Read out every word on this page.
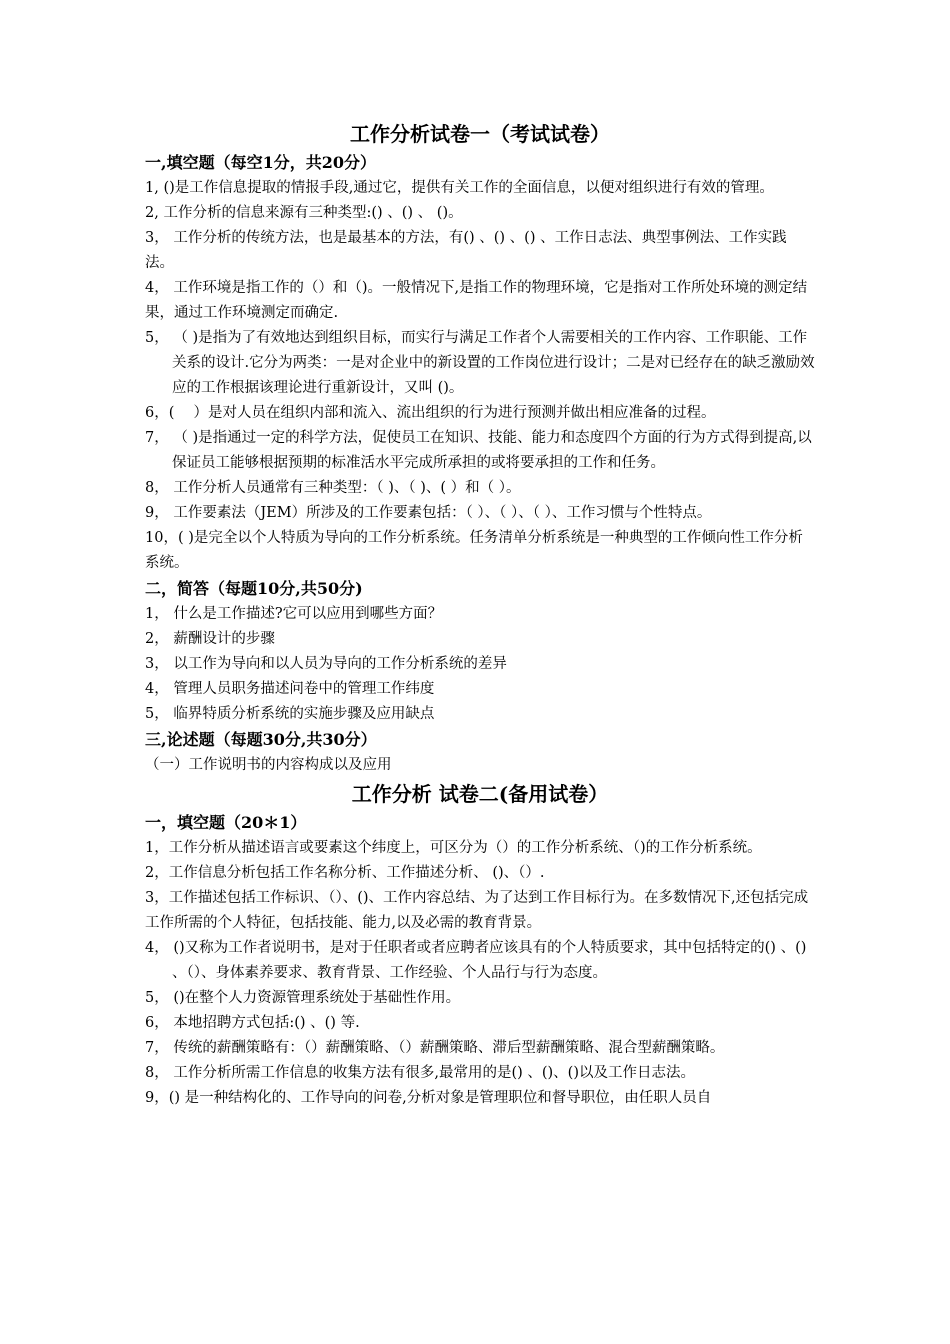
工作分析试卷一（考试试卷）
一,填空题（每空1分，共20分）
1, ()是工作信息提取的情报手段,通过它，提供有关工作的全面信息，以便对组织进行有效的管理。
2, 工作分析的信息来源有三种类型:() 、() 、 ()。
3， 工作分析的传统方法，也是最基本的方法，有() 、() 、() 、工作日志法、典型事例法、工作实践法。
4， 工作环境是指工作的（）和（)。一般情况下,是指工作的物理环境，它是指对工作所处环境的测定结果，通过工作环境测定而确定.
5， （ )是指为了有效地达到组织目标，而实行与满足工作者个人需要相关的工作内容、工作职能、工作关系的设计.它分为两类：一是对企业中的新设置的工作岗位进行设计；二是对已经存在的缺乏激励效应的工作根据该理论进行重新设计，又叫 ()。
6，(　 ）是对人员在组织内部和流入、流出组织的行为进行预测并做出相应准备的过程。
7， （ )是指通过一定的科学方法，促使员工在知识、技能、能力和态度四个方面的行为方式得到提高,以保证员工能够根据预期的标准活水平完成所承担的或将要承担的工作和任务。
8， 工作分析人员通常有三种类型：（ )、（ )、( ）和（ ）。
9， 工作要素法（JEM）所涉及的工作要素包括：（ ）、（ ）、（ ）、工作习惯与个性特点。
10，( )是完全以个人特质为导向的工作分析系统。任务清单分析系统是一种典型的工作倾向性工作分析系统。
二，简答（每题10分,共50分)
1， 什么是工作描述?它可以应用到哪些方面？
2， 薪酬设计的步骤
3， 以工作为导向和以人员为导向的工作分析系统的差异
4， 管理人员职务描述问卷中的管理工作纬度
5， 临界特质分析系统的实施步骤及应用缺点
三,论述题（每题30分,共30分）
（一）工作说明书的内容构成以及应用
工作分析 试卷二(备用试卷）
一，填空题（20＊1）
1，工作分析从描述语言或要素这个纬度上，可区分为（）的工作分析系统、（)的工作分析系统。
2，工作信息分析包括工作名称分析、工作描述分析、 ()、（）.
3，工作描述包括工作标识、（）、()、工作内容总结、为了达到工作目标行为。在多数情况下,还包括完成工作所需的个人特征，包括技能、能力,以及必需的教育背景。
4， ()又称为工作者说明书，是对于任职者或者应聘者应该具有的个人特质要求，其中包括特定的() 、() 、（）、身体素养要求、教育背景、工作经验、个人品行与行为态度。
5， ()在整个人力资源管理系统处于基础性作用。
6， 本地招聘方式包括:() 、() 等.
7， 传统的薪酬策略有：（）薪酬策略、（）薪酬策略、滞后型薪酬策略、混合型薪酬策略。
8， 工作分析所需工作信息的收集方法有很多,最常用的是() 、()、()以及工作日志法。
9，() 是一种结构化的、工作导向的问卷,分析对象是管理职位和督导职位，由任职人员自
